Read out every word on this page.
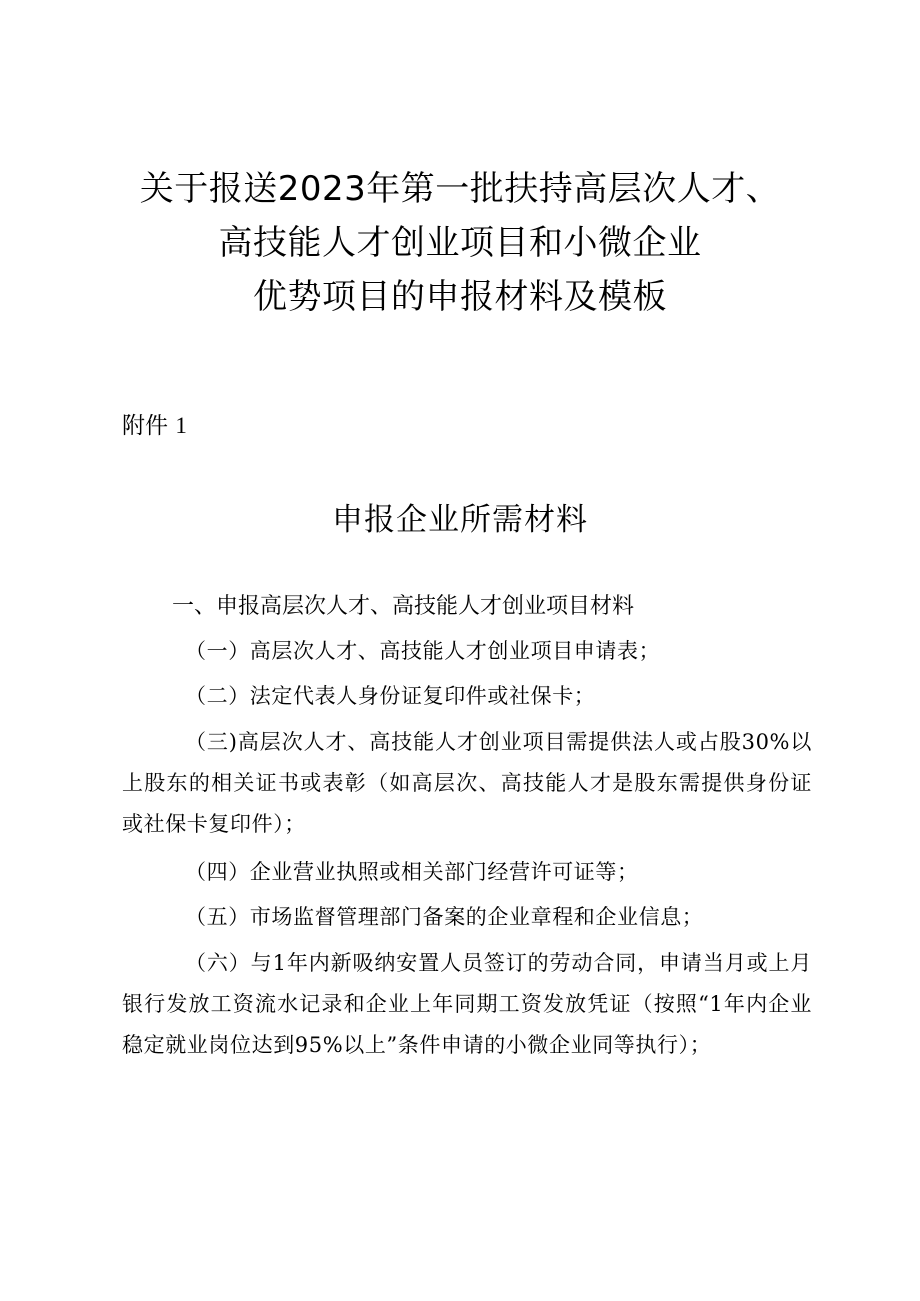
关于报送2023年第一批扶持高层次人才、
高技能人才创业项目和小微企业
优势项目的申报材料及模板
附件 1
申报企业所需材料
一、申报高层次人才、高技能人才创业项目材料
（一）高层次人才、高技能人才创业项目申请表；
（二）法定代表人身份证复印件或社保卡；
（三)高层次人才、高技能人才创业项目需提供法人或占股30%以上股东的相关证书或表彰（如高层次、高技能人才是股东需提供身份证或社保卡复印件）；
（四）企业营业执照或相关部门经营许可证等；
（五）市场监督管理部门备案的企业章程和企业信息；
（六）与1年内新吸纳安置人员签订的劳动合同，申请当月或上月银行发放工资流水记录和企业上年同期工资发放凭证（按照“1年内企业稳定就业岗位达到95%以上”条件申请的小微企业同等执行）；
